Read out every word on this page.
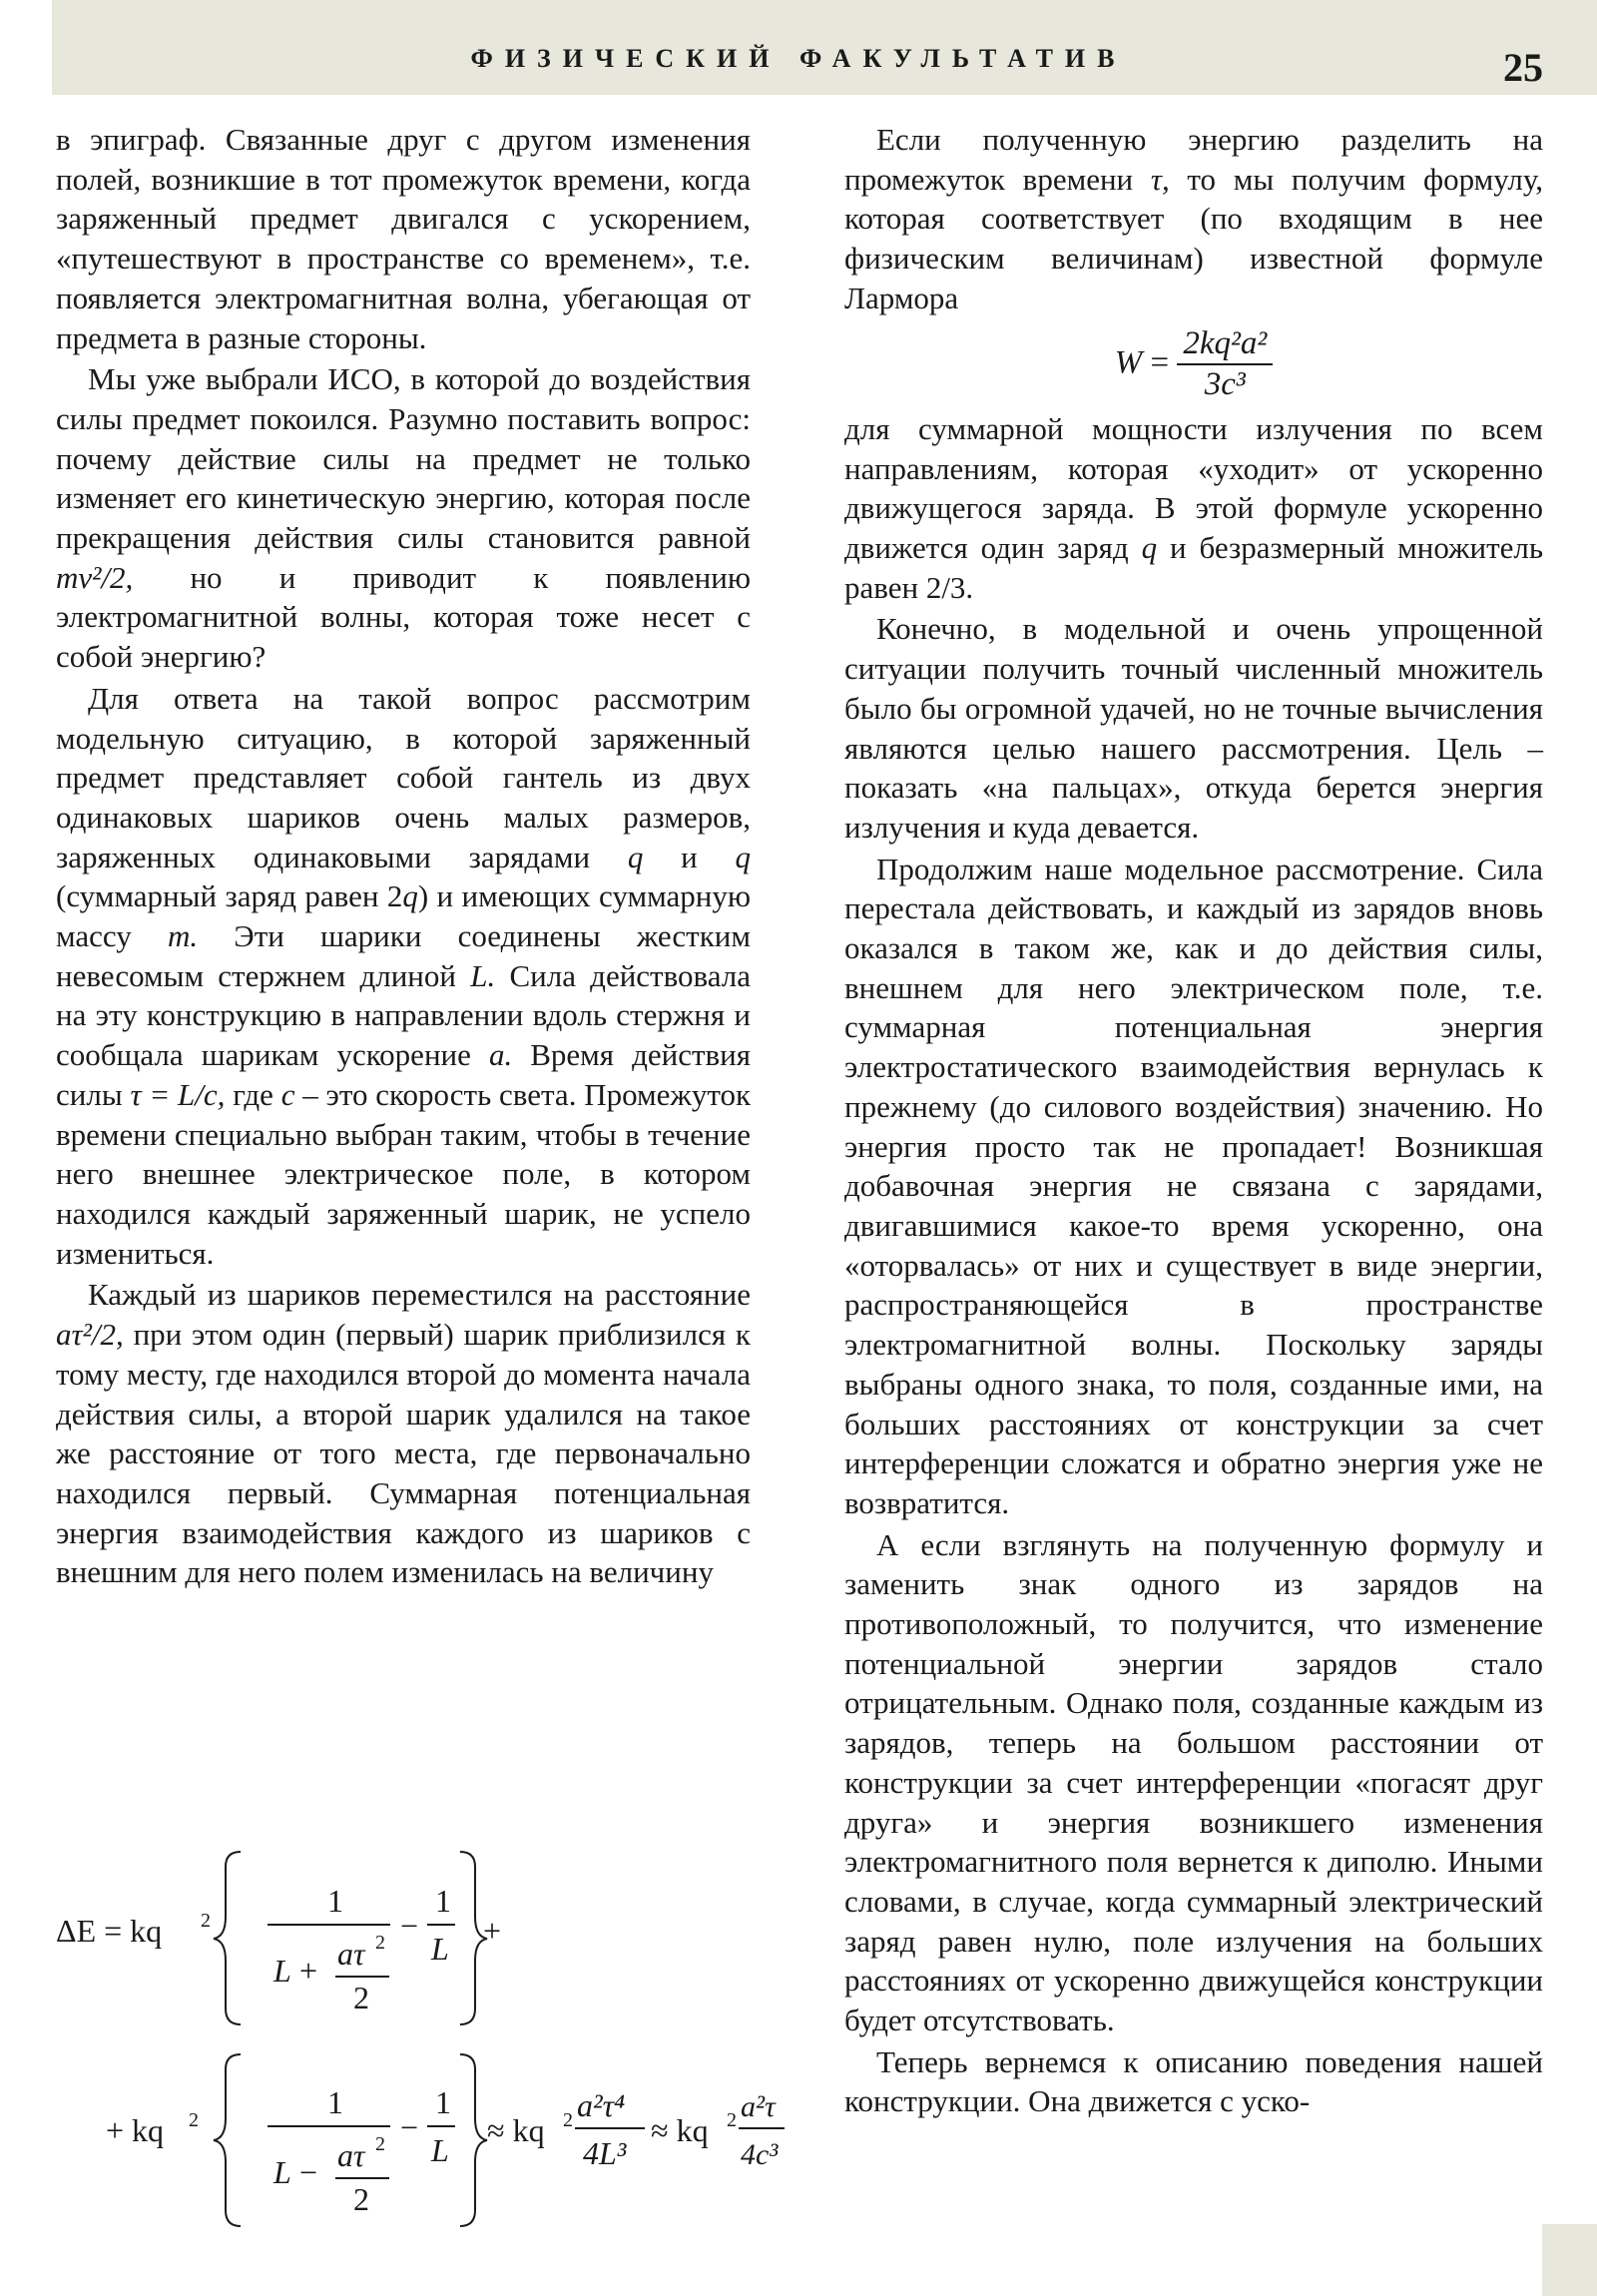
ФИЗИЧЕСКИЙ ФАКУЛЬТАТИВ	25

в эпиграф. Связанные друг с другом изменения полей, возникшие в тот промежуток времени, когда заряженный предмет двигался с ускорением, «путешествуют в пространстве со временем», т.е. появляется электромагнитная волна, убегающая от предмета в разные стороны.

Мы уже выбрали ИСО, в которой до воздействия силы предмет покоился. Разумно поставить вопрос: почему действие силы на предмет не только изменяет его кинетическую энергию, которая после прекращения действия силы становится равной mv²/2, но и приводит к появлению электромагнитной волны, которая тоже несет с собой энергию?

Для ответа на такой вопрос рассмотрим модельную ситуацию, в которой заряженный предмет представляет собой гантель из двух одинаковых шариков очень малых размеров, заряженных одинаковыми зарядами q и q (суммарный заряд равен 2q) и имеющих суммарную массу m. Эти шарики соединены жестким невесомым стержнем длиной L. Сила действовала на эту конструкцию в направлении вдоль стержня и сообщала шарикам ускорение a. Время действия силы τ = L/c, где c – это скорость света. Промежуток времени специально выбран таким, чтобы в течение него внешнее электрическое поле, в котором находился каждый заряженный шарик, не успело измениться.

Каждый из шариков переместился на расстояние aτ²/2, при этом один (первый) шарик приблизился к тому месту, где находился второй до момента начала действия силы, а второй шарик удалился на такое же расстояние от того места, где первоначально находился первый. Суммарная потенциальная энергия взаимодействия каждого из шариков с внешним для него полем изменилась на величину

ΔE = kq 2
1
L + aτ 2
2
−
1
L +
+ kq 2	1
L − aτ 2
2
−
1
L
≈ kq 2 a²τ⁴
4L³
≈ kq 2 a²τ
4c³

Если полученную энергию разделить на промежуток времени τ, то мы получим формулу, которая соответствует (по входящим в нее физическим величинам) известной формуле Лармора

$W = \frac{\text{2kq²a²}}{\text{3c³}}$

для суммарной мощности излучения по всем направлениям, которая «уходит» от ускоренно движущегося заряда. В этой формуле ускоренно движется один заряд q и безразмерный множитель равен 2/3.

Конечно, в модельной и очень упрощенной ситуации получить точный численный множитель было бы огромной удачей, но не точные вычисления являются целью нашего рассмотрения. Цель – показать «на пальцах», откуда берется энергия излучения и куда девается.

Продолжим наше модельное рассмотрение. Сила перестала действовать, и каждый из зарядов вновь оказался в таком же, как и до действия силы, внешнем для него электрическом поле, т.е. суммарная потенциальная энергия электростатического взаимодействия вернулась к прежнему (до силового воздействия) значению. Но энергия просто так не пропадает! Возникшая добавочная энергия не связана с зарядами, двигавшимися какое-то время ускоренно, она «оторвалась» от них и существует в виде энергии, распространяющейся в пространстве электромагнитной волны. Поскольку заряды выбраны одного знака, то поля, созданные ими, на больших расстояниях от конструкции за счет интерференции сложатся и обратно энергия уже не возвратится.

А если взглянуть на полученную формулу и заменить знак одного из зарядов на противоположный, то получится, что изменение потенциальной энергии зарядов стало отрицательным. Однако поля, созданные каждым из зарядов, теперь на большом расстоянии от конструкции за счет интерференции «погасят друг друга» и энергия возникшего изменения электромагнитного поля вернется к диполю. Иными словами, в случае, когда суммарный электрический заряд равен нулю, поле излучения на больших расстояниях от ускоренно движущейся конструкции будет отсутствовать.

Теперь вернемся к описанию поведения нашей конструкции. Она движется с уско-
